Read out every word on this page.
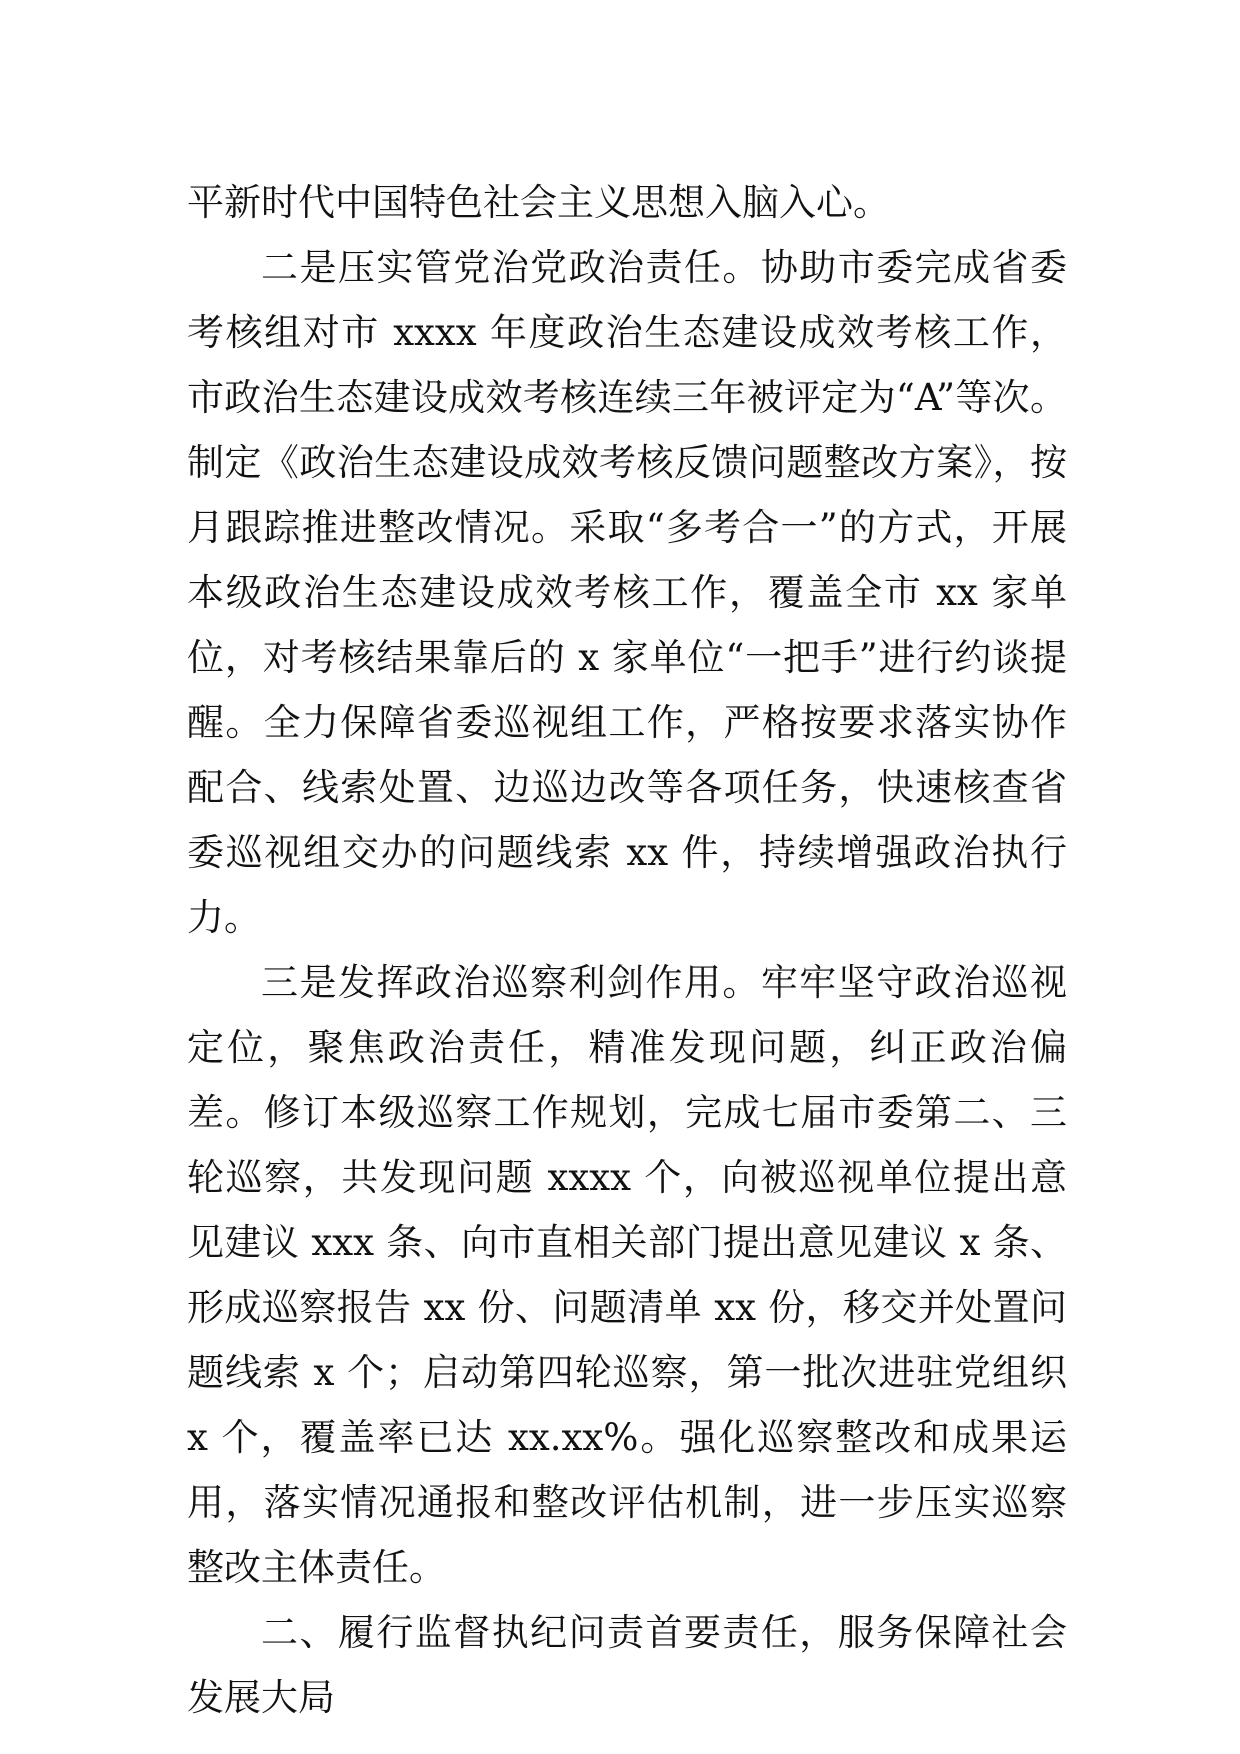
平新时代中国特色社会主义思想入脑入心。

二是压实管党治党政治责任。协助市委完成省委考核组对市 xxxx 年度政治生态建设成效考核工作，市政治生态建设成效考核连续三年被评定为“A”等次。制定《政治生态建设成效考核反馈问题整改方案》，按月跟踪推进整改情况。采取“多考合一”的方式，开展本级政治生态建设成效考核工作，覆盖全市 xx 家单位，对考核结果靠后的 x 家单位“一把手”进行约谈提醒。全力保障省委巡视组工作，严格按要求落实协作配合、线索处置、边巡边改等各项任务，快速核查省委巡视组交办的问题线索 xx 件，持续增强政治执行力。

三是发挥政治巡察利剑作用。牢牢坚守政治巡视定位，聚焦政治责任，精准发现问题，纠正政治偏差。修订本级巡察工作规划，完成七届市委第二、三轮巡察，共发现问题 xxxx 个，向被巡视单位提出意见建议 xxx 条、向市直相关部门提出意见建议 x 条、形成巡察报告 xx 份、问题清单 xx 份，移交并处置问题线索 x 个；启动第四轮巡察，第一批次进驻党组织 x 个，覆盖率已达 xx.xx%。强化巡察整改和成果运用，落实情况通报和整改评估机制，进一步压实巡察整改主体责任。

二、履行监督执纪问责首要责任，服务保障社会发展大局
